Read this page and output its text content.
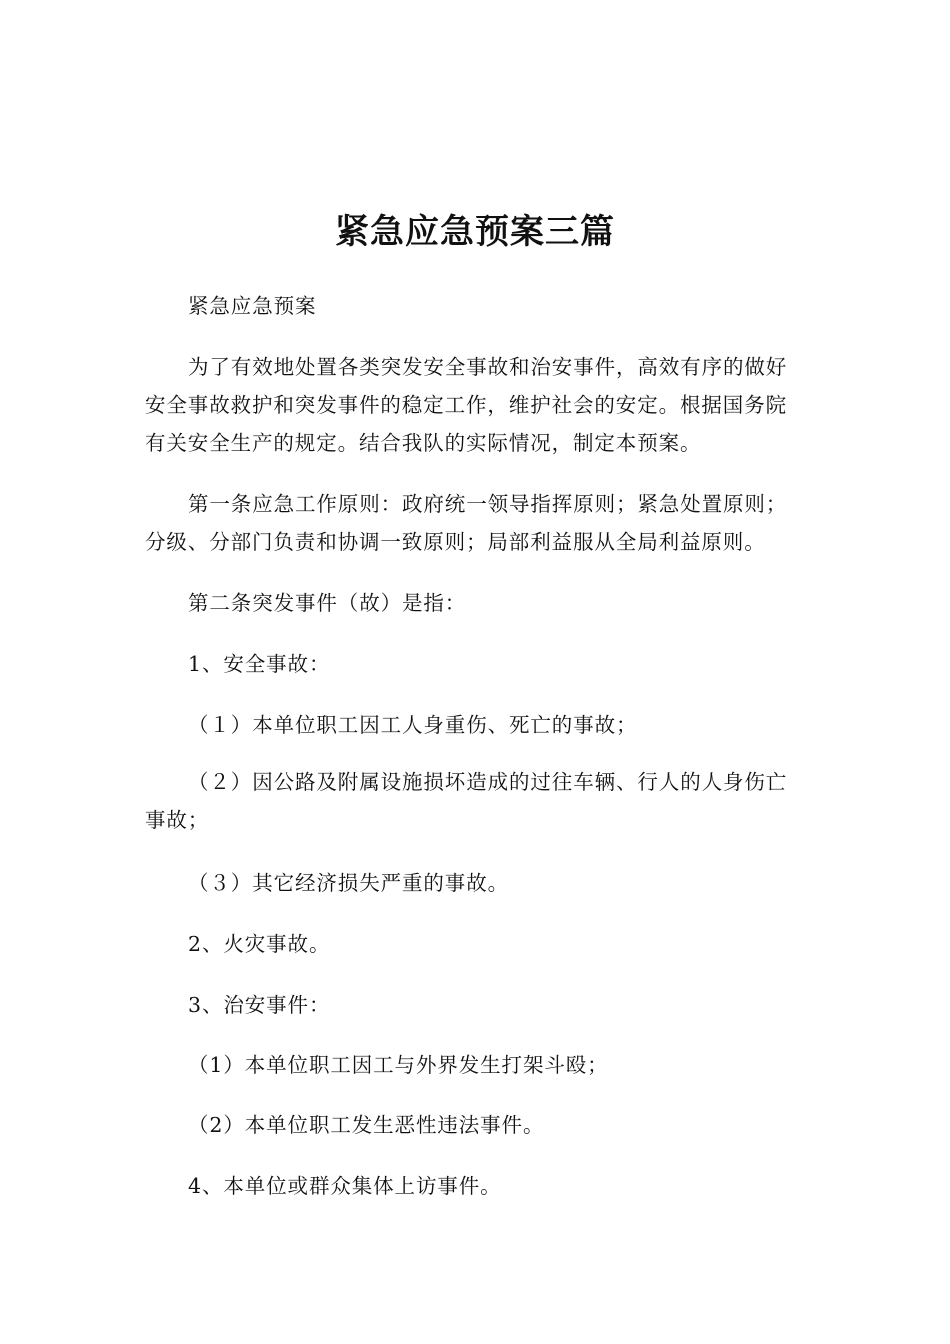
紧急应急预案三篇

紧急应急预案

为了有效地处置各类突发安全事故和治安事件，高效有序的做好安全事故救护和突发事件的稳定工作，维护社会的安定。根据国务院有关安全生产的规定。结合我队的实际情况，制定本预案。

第一条应急工作原则：政府统一领导指挥原则；紧急处置原则；分级、分部门负责和协调一致原则；局部利益服从全局利益原则。

第二条突发事件（故）是指：

1、安全事故：

（１）本单位职工因工人身重伤、死亡的事故；

（２）因公路及附属设施损坏造成的过往车辆、行人的人身伤亡事故；

（３）其它经济损失严重的事故。

2、火灾事故。

3、治安事件：

（1）本单位职工因工与外界发生打架斗殴；

（2）本单位职工发生恶性违法事件。

4、本单位或群众集体上访事件。
